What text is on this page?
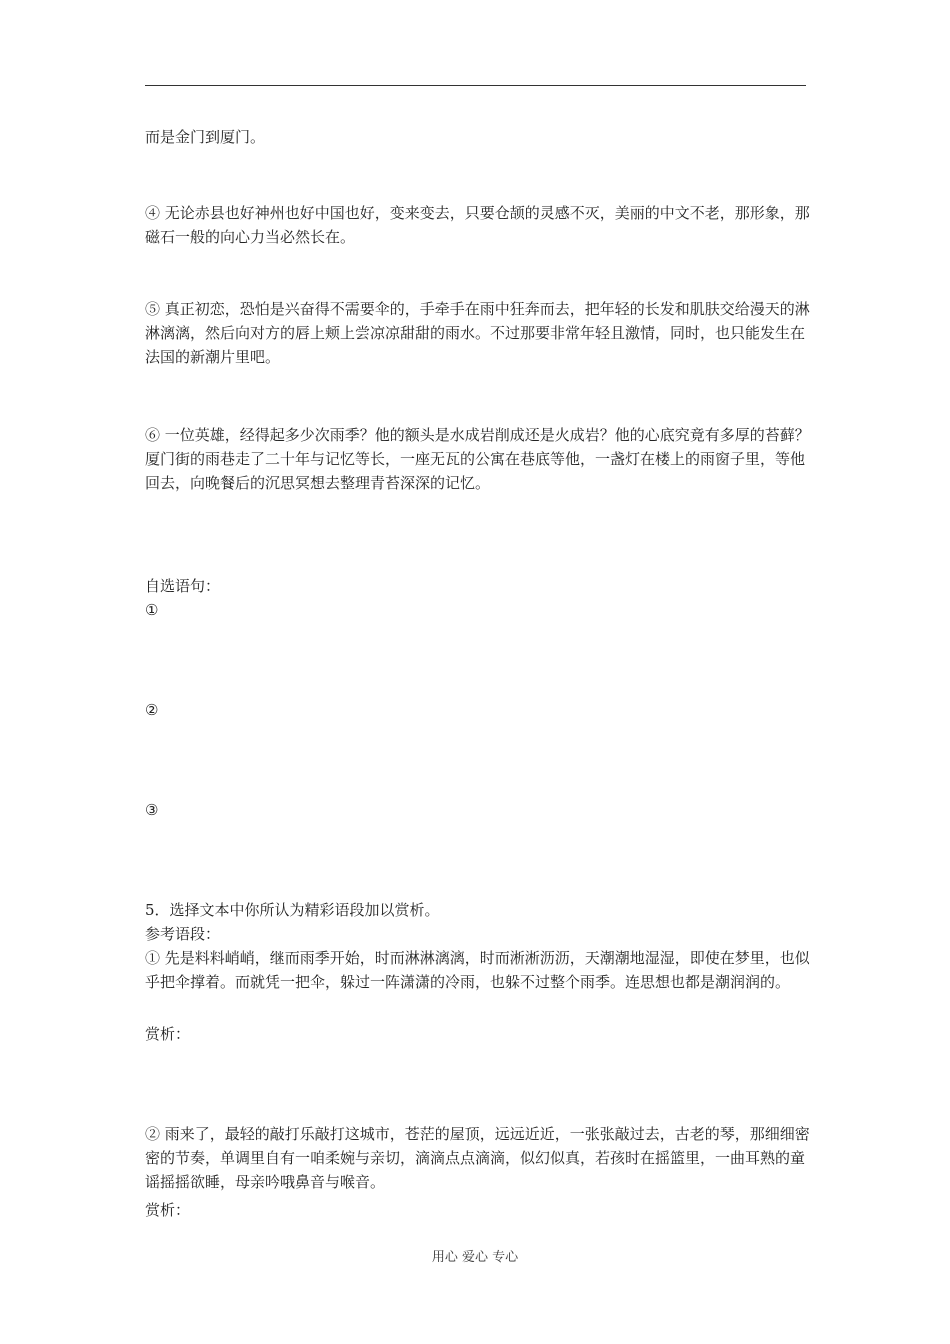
而是金门到厦门。

④ 无论赤县也好神州也好中国也好，变来变去，只要仓颉的灵感不灭，美丽的中文不老，那形象，那磁石一般的向心力当必然长在。

⑤ 真正初恋，恐怕是兴奋得不需要伞的，手牵手在雨中狂奔而去，把年轻的长发和肌肤交给漫天的淋淋漓漓，然后向对方的唇上颊上尝凉凉甜甜的雨水。不过那要非常年轻且激情，同时，也只能发生在法国的新潮片里吧。

⑥ 一位英雄，经得起多少次雨季？他的额头是水成岩削成还是火成岩？他的心底究竟有多厚的苔藓？厦门街的雨巷走了二十年与记忆等长，一座无瓦的公寓在巷底等他，一盏灯在楼上的雨窗子里，等他回去，向晚餐后的沉思冥想去整理青苔深深的记忆。

自选语句：

①

②

③

5．选择文本中你所认为精彩语段加以赏析。

参考语段：

① 先是料料峭峭，继而雨季开始，时而淋淋漓漓，时而淅淅沥沥，天潮潮地湿湿，即使在梦里，也似乎把伞撑着。而就凭一把伞，躲过一阵潇潇的冷雨，也躲不过整个雨季。连思想也都是潮润润的。

赏析：

② 雨来了，最轻的敲打乐敲打这城市，苍茫的屋顶，远远近近，一张张敲过去，古老的琴，那细细密密的节奏，单调里自有一咱柔婉与亲切，滴滴点点滴滴，似幻似真，若孩时在摇篮里，一曲耳熟的童谣摇摇欲睡，母亲吟哦鼻音与喉音。

赏析：

用心 爱心 专心
